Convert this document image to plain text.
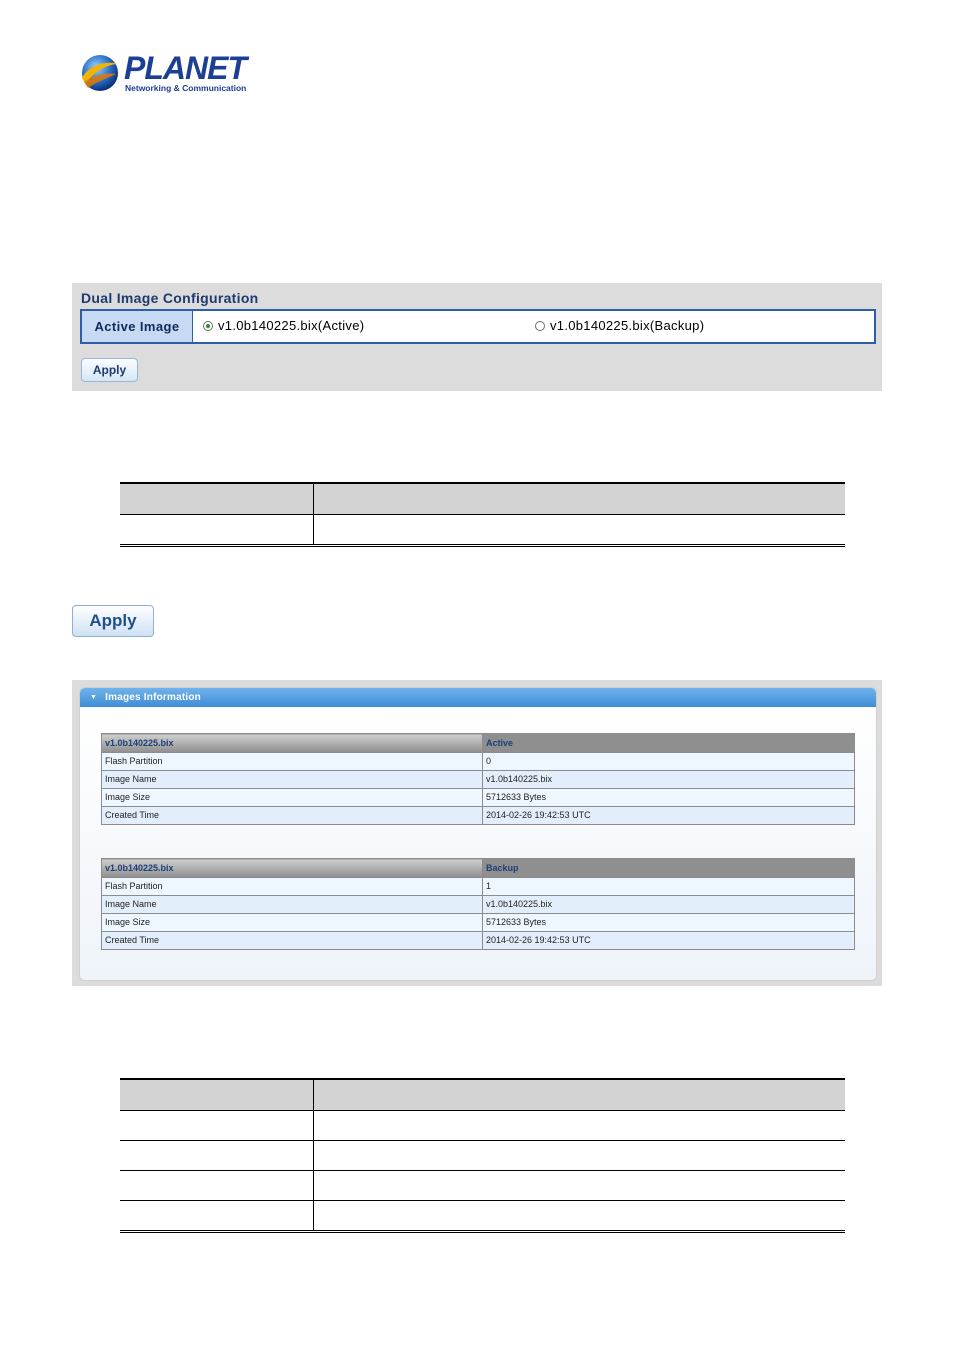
PLANET
Networking & Communication
Dual Image Configuration
Active Image	v1.0b140225.bix(Active)	v1.0b140225.bix(Backup)
Apply

Apply
▼ Images Information
v1.0b140225.bix	Active
Flash Partition	0
Image Name	v1.0b140225.bix
Image Size	5712633 Bytes
Created Time	2014-02-26 19:42:53 UTC
v1.0b140225.bix	Backup
Flash Partition	1
Image Name	v1.0b140225.bix
Image Size	5712633 Bytes
Created Time	2014-02-26 19:42:53 UTC
